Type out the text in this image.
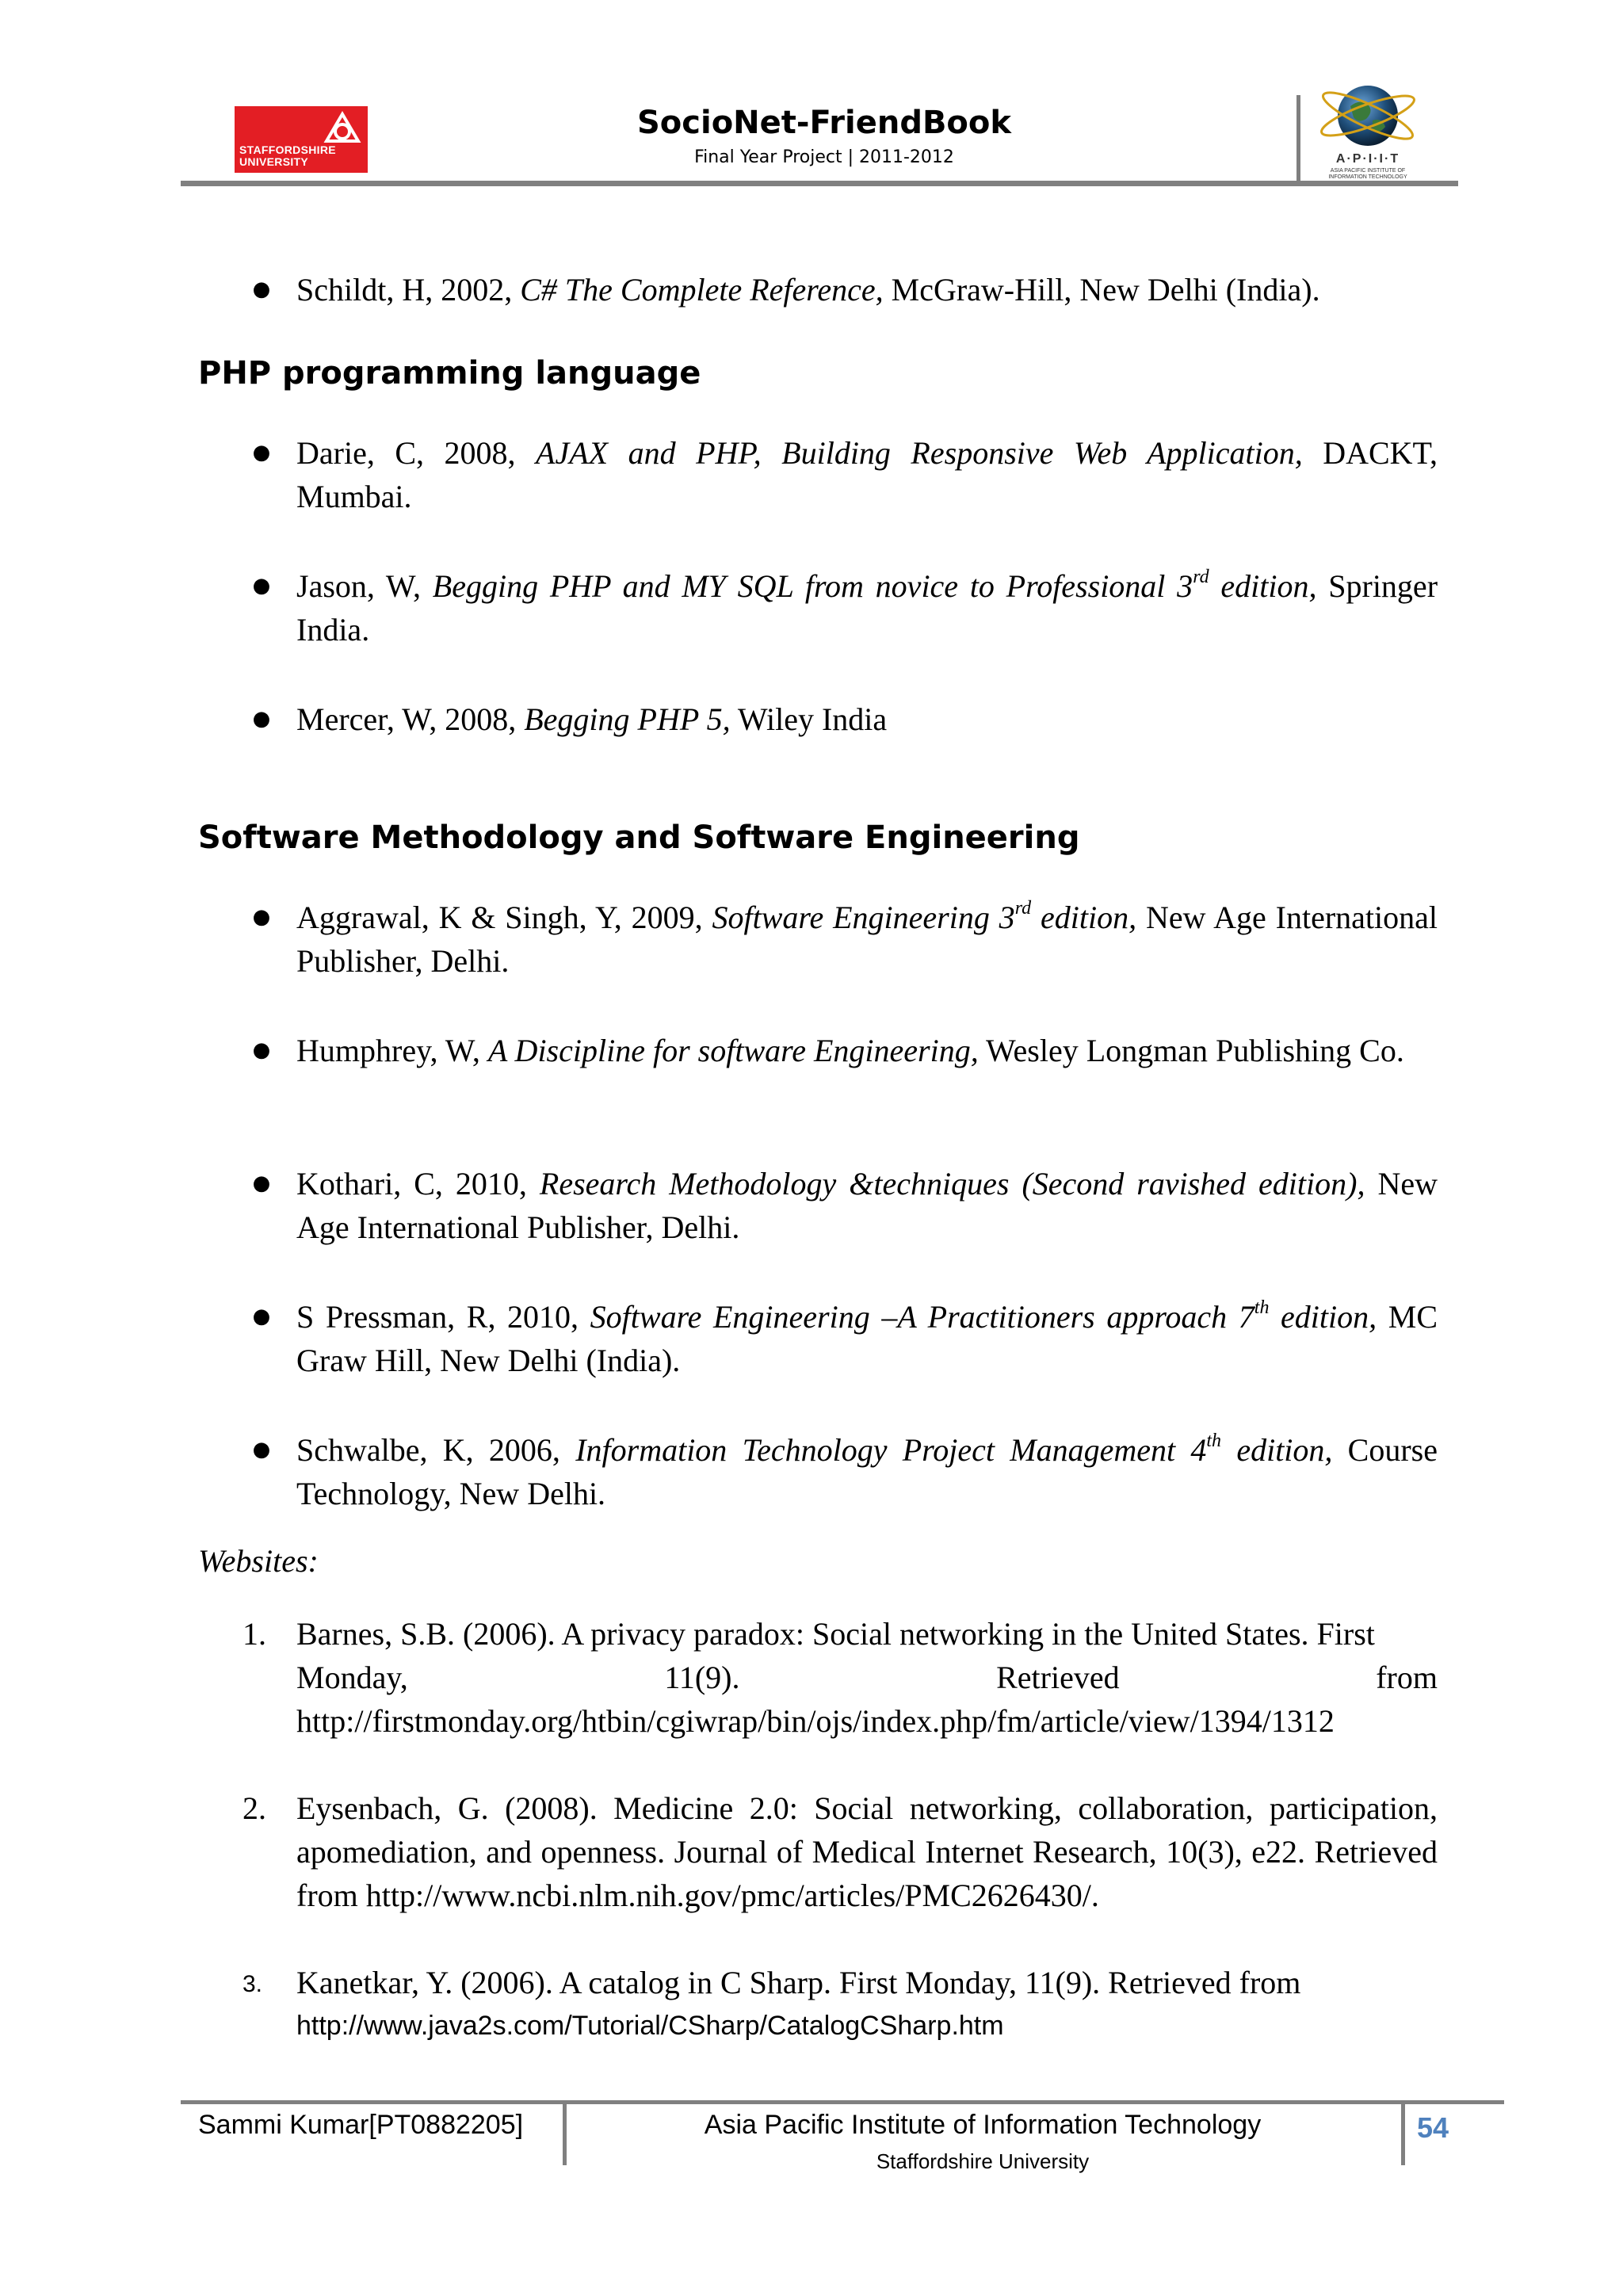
STAFFORDSHIRE
UNIVERSITY
SocioNet-FriendBook
Final Year Project | 2011-2012	A·P·I·I·T
ASIA PACIFIC INSTITUTE OF
INFORMATION TECHNOLOGY
● Schildt, H, 2002, C# The Complete Reference, McGraw-Hill, New Delhi (India).
PHP programming language
● Darie, C, 2008, AJAX and PHP, Building Responsive Web Application, DACKT, Mumbai.
● Jason, W, Begging PHP and MY SQL from novice to Professional 3rd edition, Springer India.
● Mercer, W, 2008, Begging PHP 5, Wiley India
Software Methodology and Software Engineering
● Aggrawal, K & Singh, Y, 2009, Software Engineering 3rd edition, New Age International Publisher, Delhi.
● Humphrey, W, A Discipline for software Engineering, Wesley Longman Publishing Co.
● Kothari, C, 2010, Research Methodology &techniques (Second ravished edition), New Age International Publisher, Delhi.
● S Pressman, R, 2010, Software Engineering –A Practitioners approach 7th edition, MC Graw Hill, New Delhi (India).
● Schwalbe, K, 2006, Information Technology Project Management 4th edition, Course Technology, New Delhi.
Websites:
1. Barnes, S.B. (2006). A privacy paradox: Social networking in the United States. First
Monday,	11(9).	Retrieved	from
http://firstmonday.org/htbin/cgiwrap/bin/ojs/index.php/fm/article/view/1394/1312
2. Eysenbach, G. (2008). Medicine 2.0: Social networking, collaboration, participation, apomediation, and openness. Journal of Medical Internet Research, 10(3), e22. Retrieved from http://www.ncbi.nlm.nih.gov/pmc/articles/PMC2626430/.
3.	Kanetkar, Y. (2006). A catalog in C Sharp. First Monday, 11(9). Retrieved from
http://www.java2s.com/Tutorial/CSharp/CatalogCSharp.htm
Sammi Kumar[PT0882205]	Asia Pacific Institute of Information Technology
Staffordshire University
54
